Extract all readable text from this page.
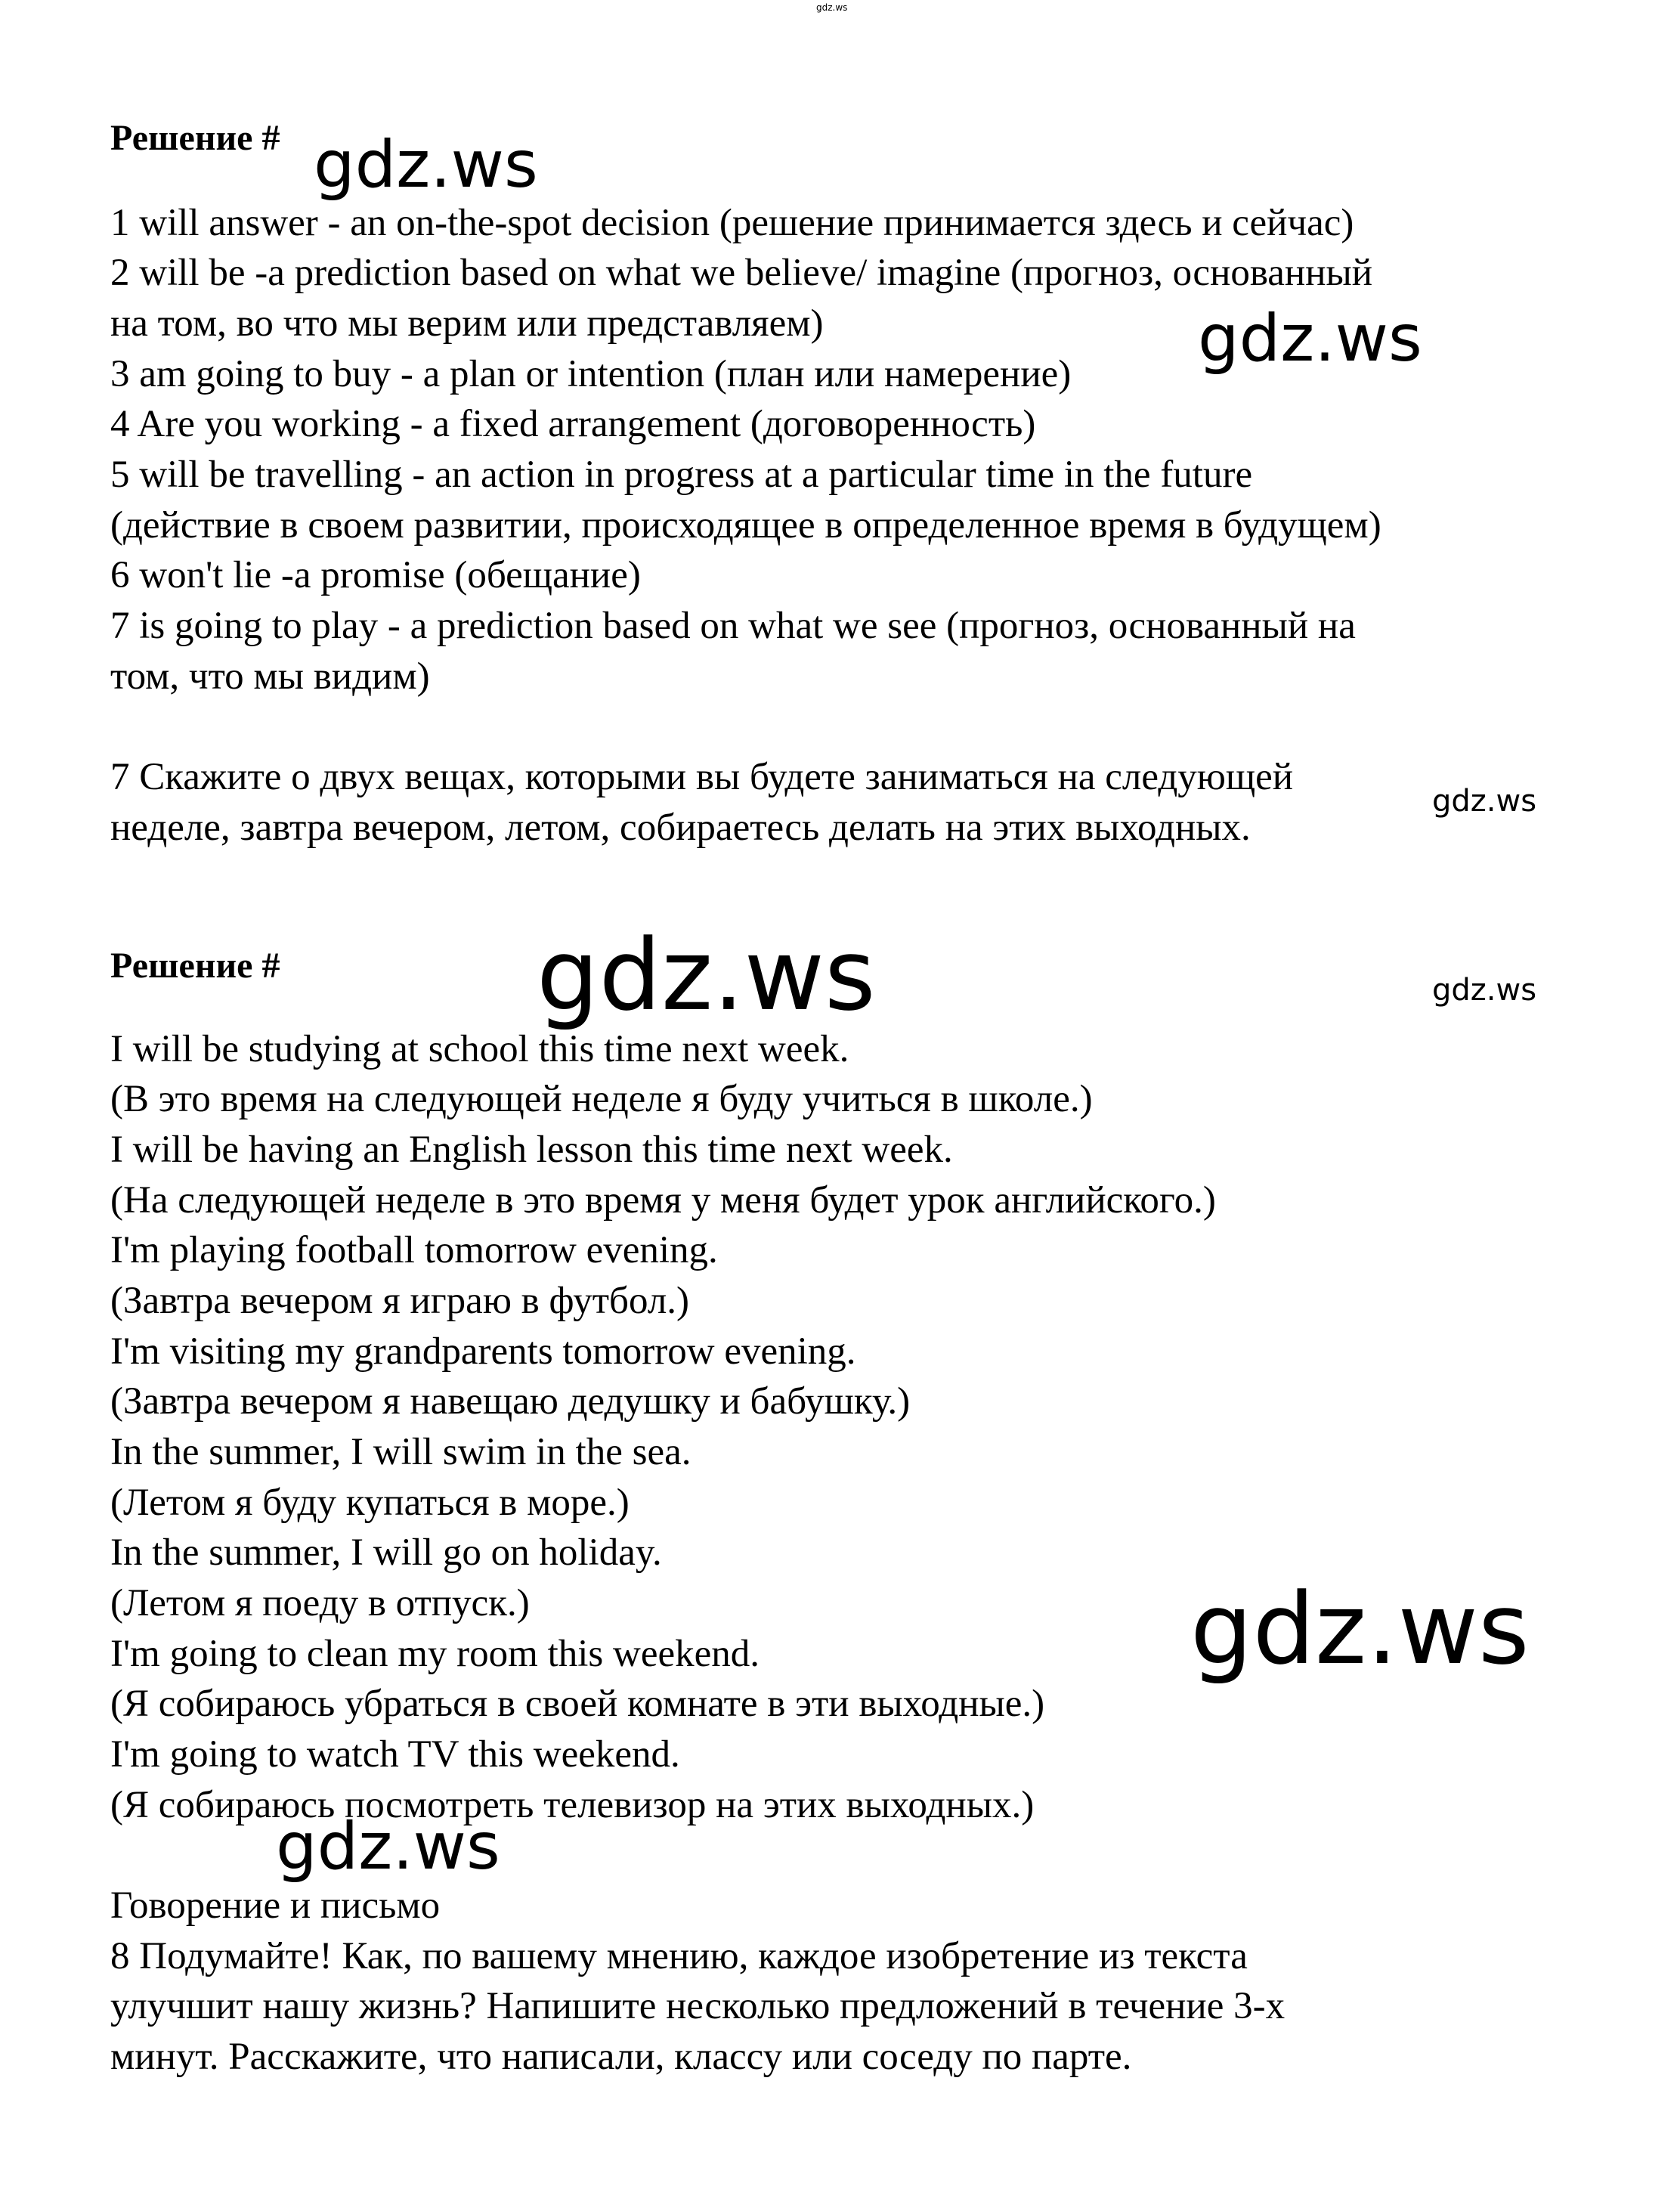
gdz.ws
Решение #
1 will answer - an on-the-spot decision (решение принимается здесь и сейчас)
2 will be -a prediction based on what we believe/ imagine (прогноз, основанный
на том, во что мы верим или представляем)
3 am going to buy - a plan or intention (план или намерение)
4 Are you working - a fixed arrangement (договоренность)
5 will be travelling - an action in progress at a particular time in the future
(действие в своем развитии, происходящее в определенное время в будущем)
6 won't lie -a promise (обещание)
7 is going to play - a prediction based on what we see (прогноз, основанный на
том, что мы видим)
7 Скажите о двух вещах, которыми вы будете заниматься на следующей
неделе, завтра вечером, летом, собираетесь делать на этих выходных.
Решение #
I will be studying at school this time next week.
(В это время на следующей неделе я буду учиться в школе.)
I will be having an English lesson this time next week.
(На следующей неделе в это время у меня будет урок английского.)
I'm playing football tomorrow evening.
(Завтра вечером я играю в футбол.)
I'm visiting my grandparents tomorrow evening.
(Завтра вечером я навещаю дедушку и бабушку.)
In the summer, I will swim in the sea.
(Летом я буду купаться в море.)
In the summer, I will go on holiday.
(Летом я поеду в отпуск.)
I'm going to clean my room this weekend.
(Я собираюсь убраться в своей комнате в эти выходные.)
I'm going to watch TV this weekend.
(Я собираюсь посмотреть телевизор на этих выходных.)
Говорение и письмо
8 Подумайте! Как, по вашему мнению, каждое изобретение из текста
улучшит нашу жизнь? Напишите несколько предложений в течение 3-х
минут. Расскажите, что написали, классу или соседу по парте.
gdz.ws
gdz.ws
gdz.ws
gdz.ws	gdz.ws
gdz.ws
gdz.ws
